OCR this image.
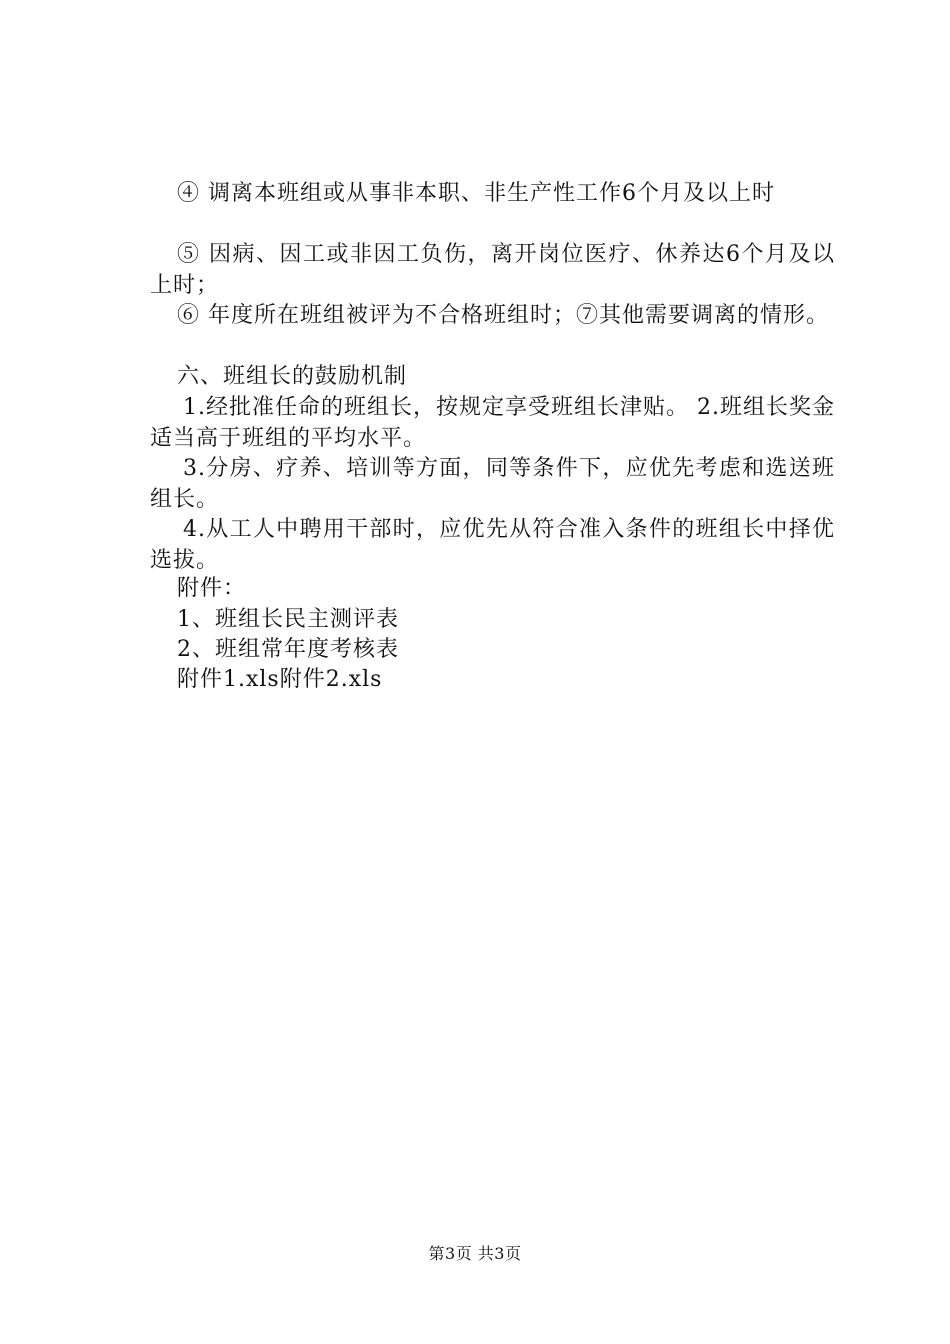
④ 调离本班组或从事非本职、非生产性工作6个月及以上时

⑤ 因病、因工或非因工负伤，离开岗位医疗、休养达6个月及以上时；

⑥ 年度所在班组被评为不合格班组时；⑦其他需要调离的情形。

六、班组长的鼓励机制

1.经批准任命的班组长，按规定享受班组长津贴。 2.班组长奖金适当高于班组的平均水平。

3.分房、疗养、培训等方面，同等条件下，应优先考虑和选送班组长。

4.从工人中聘用干部时，应优先从符合准入条件的班组长中择优选拔。

附件：

1、班组长民主测评表

2、班组常年度考核表

附件1.xls附件2.xls

第3页 共3页
